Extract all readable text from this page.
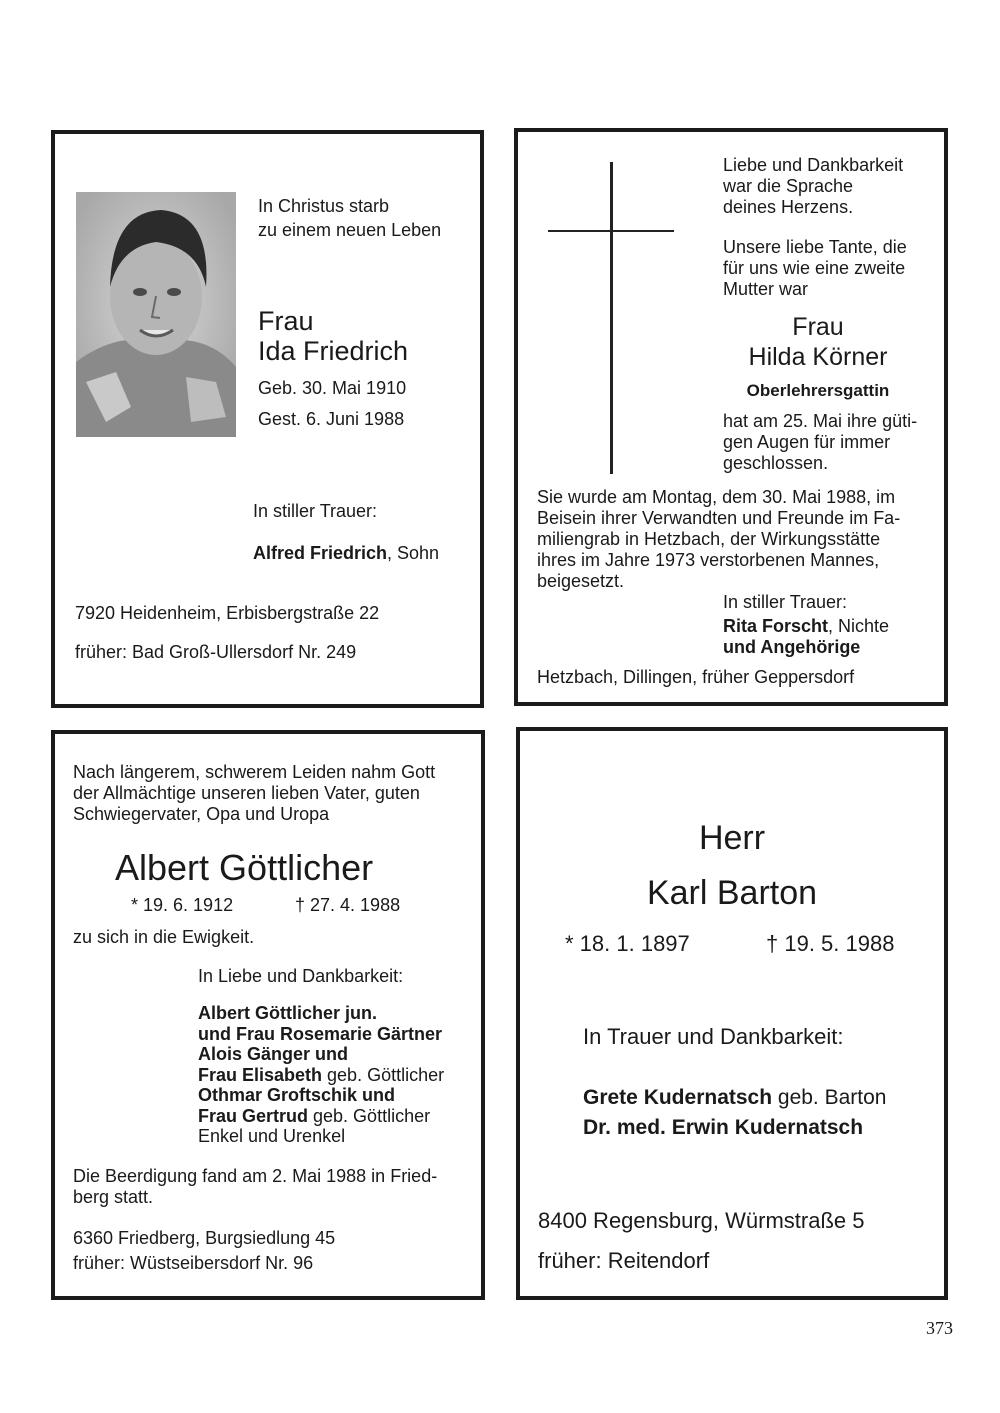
In Christus starb
zu einem neuen Leben
Frau
Ida Friedrich
Geb. 30. Mai 1910
Gest. 6. Juni 1988
In stiller Trauer:
Alfred Friedrich, Sohn
7920 Heidenheim, Erbisbergstraße 22
früher: Bad Groß-Ullersdorf Nr. 249
Liebe und Dankbarkeit
war die Sprache
deines Herzens.
Unsere liebe Tante, die
für uns wie eine zweite
Mutter war
Frau
Hilda Körner
Oberlehrersgattin
hat am 25. Mai ihre güti-
gen Augen für immer
geschlossen.
Sie wurde am Montag, dem 30. Mai 1988, im
Beisein ihrer Verwandten und Freunde im Fa-
miliengrab in Hetzbach, der Wirkungsstätte
ihres im Jahre 1973 verstorbenen Mannes,
beigesetzt.
In stiller Trauer:
Rita Forscht, Nichte
und Angehörige
Hetzbach, Dillingen, früher Geppersdorf
Nach längerem, schwerem Leiden nahm Gott
der Allmächtige unseren lieben Vater, guten
Schwiegervater, Opa und Uropa
Albert Göttlicher
* 19. 6. 1912	† 27. 4. 1988
zu sich in die Ewigkeit.
In Liebe und Dankbarkeit:
Albert Göttlicher jun.
und Frau Rosemarie Gärtner
Alois Gänger und
Frau Elisabeth geb. Göttlicher
Othmar Groftschik und
Frau Gertrud geb. Göttlicher
Enkel und Urenkel
Die Beerdigung fand am 2. Mai 1988 in Fried-
berg statt.
6360 Friedberg, Burgsiedlung 45
früher: Wüstseibersdorf Nr. 96
Herr
Karl Barton
* 18. 1. 1897	† 19. 5. 1988
In Trauer und Dankbarkeit:
Grete Kudernatsch geb. Barton
Dr. med. Erwin Kudernatsch
8400 Regensburg, Würmstraße 5
früher: Reitendorf
373
